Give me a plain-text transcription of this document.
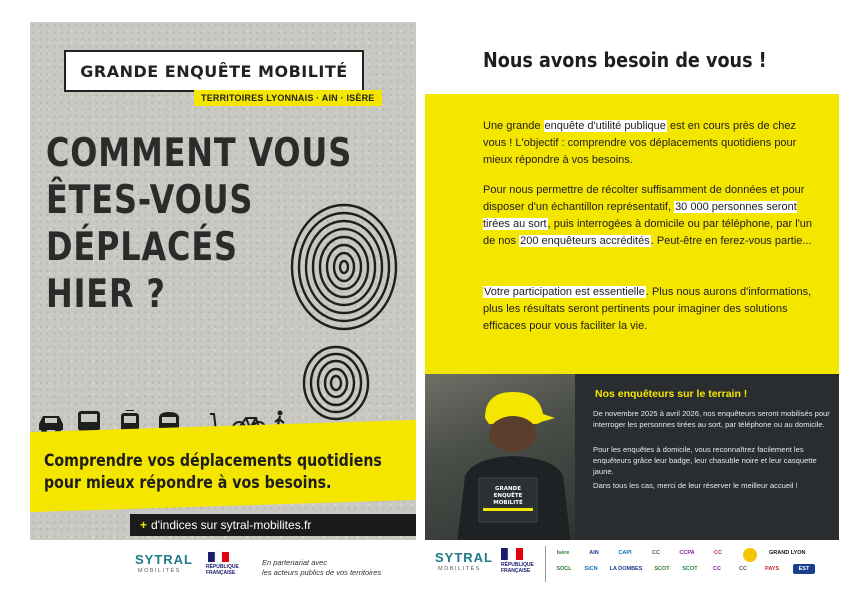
GRANDE ENQUÊTE MOBILITÉ
TERRITOIRES LYONNAIS · AIN · ISÈRE
COMMENT VOUS
ÊTES-VOUS
DÉPLACÉS
HIER ?
Comprendre vos déplacements quotidiens
pour mieux répondre à vos besoins.
+ d'indices sur sytral-mobilites.fr
SYTRAL
MOBILITÉS
RÉPUBLIQUE FRANÇAISE
En partenariat avec
les acteurs publics de vos territoires
Nous avons besoin de vous !
Une grande enquête d'utilité publique est en cours près de chez vous ! L'objectif : comprendre vos déplacements quotidiens pour mieux répondre à vos besoins.
Pour nous permettre de récolter suffisamment de données et pour disposer d'un échantillon représentatif, 30 000 personnes seront tirées au sort, puis interrogées à domicile ou par téléphone, par l'un de nos 200 enquêteurs accrédités. Peut-être en ferez-vous partie...
Votre participation est essentielle. Plus nous aurons d'informations, plus les résultats seront pertinents pour imaginer des solutions efficaces pour vous faciliter la vie.
GRANDE
ENQUÊTE
MOBILITÉ
Nos enquêteurs sur le terrain !
De novembre 2025 à avril 2026, nos enquêteurs seront mobilisés pour interroger les personnes tirées au sort, par téléphone ou au domicile.
Pour les enquêtes à domicile, vous reconnaîtrez facilement les enquêteurs grâce leur badge, leur chasuble noire et leur casquette jaune.
Dans tous les cas, merci de leur réserver le meilleur accueil !
SYTRAL
MOBILITÉS
RÉPUBLIQUE FRANÇAISE
Isère	AIN	CAPI	CC	CCPA	CC	GRAND LYON
SOCL	SICN	LA DOMBES	SCOT	SCOT	CC	CC	PAYS	EST
